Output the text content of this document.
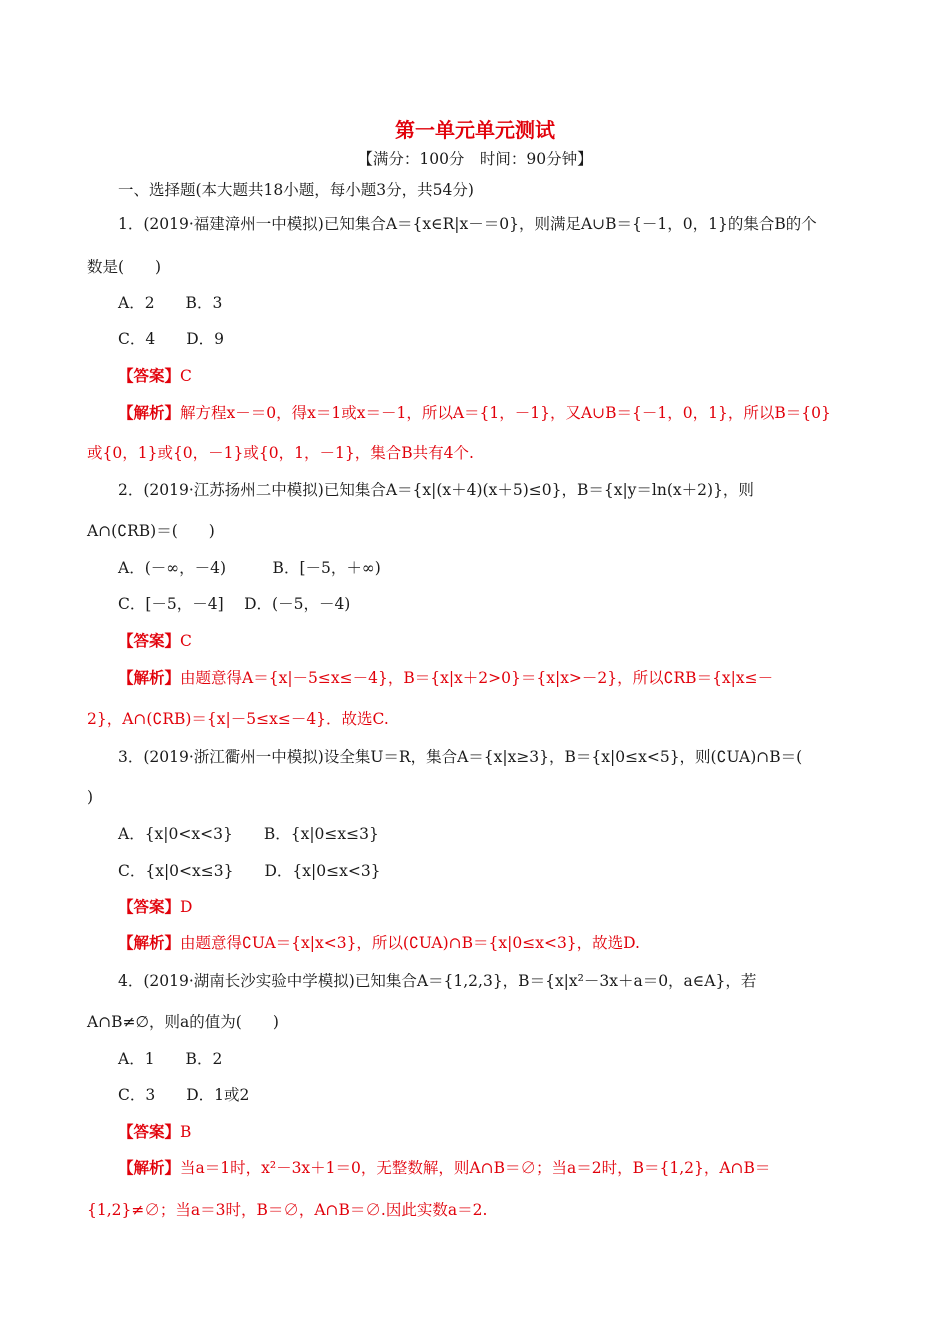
第一单元单元测试
【满分：100分　时间：90分钟】
一、选择题(本大题共18小题，每小题3分，共54分)
1．(2019·福建漳州一中模拟)已知集合A＝{x∈R|x－＝0}，则满足A∪B＝{－1，0，1}的集合B的个
数是(　　)
A．2　　B．3
C．4　　D．9
【答案】C
【解析】解方程x－＝0，得x＝1或x＝－1，所以A＝{1，－1}，又A∪B＝{－1，0，1}，所以B＝{0}
或{0，1}或{0，－1}或{0，1，－1}，集合B共有4个.
2．(2019·江苏扬州二中模拟)已知集合A＝{x|(x＋4)(x＋5)≤0}，B＝{x|y＝ln(x＋2)}，则
A∩(∁RB)＝(　　)
A．(－∞，－4)　　　B．[－5，＋∞)
C．[－5，－4]　 D．(－5，－4)
【答案】C
【解析】由题意得A＝{x|－5≤x≤－4}，B＝{x|x＋2>0}＝{x|x>－2}，所以∁RB＝{x|x≤－
2}，A∩(∁RB)＝{x|－5≤x≤－4}．故选C.
3．(2019·浙江衢州一中模拟)设全集U＝R，集合A＝{x|x≥3}，B＝{x|0≤x<5}，则(∁UA)∩B＝(
)
A．{x|0<x<3}　　B．{x|0≤x≤3}
C．{x|0<x≤3}　　D．{x|0≤x<3}
【答案】D
【解析】由题意得∁UA＝{x|x<3}，所以(∁UA)∩B＝{x|0≤x<3}，故选D.
4．(2019·湖南长沙实验中学模拟)已知集合A＝{1,2,3}，B＝{x|x²－3x＋a＝0，a∈A}，若
A∩B≠∅，则a的值为(　　)
A．1　　B．2
C．3　　D．1或2
【答案】B
【解析】当a＝1时，x²－3x＋1＝0，无整数解，则A∩B＝∅；当a＝2时，B＝{1,2}，A∩B＝
{1,2}≠∅；当a＝3时，B＝∅，A∩B＝∅.因此实数a＝2.
